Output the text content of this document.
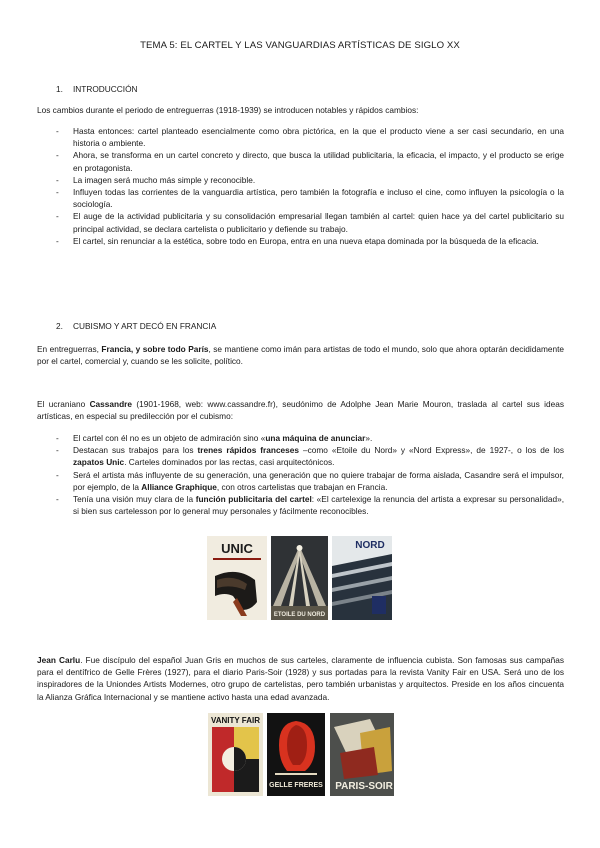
TEMA 5: EL CARTEL Y LAS VANGUARDIAS ARTÍSTICAS DE SIGLO XX
1. INTRODUCCIÓN
Los cambios durante el periodo de entreguerras (1918-1939) se introducen notables y rápidos cambios:
- Hasta entonces: cartel planteado esencialmente como obra pictórica, en la que el producto viene a ser casi secundario, en una historia o ambiente.
- Ahora, se transforma en un cartel concreto y directo, que busca la utilidad publicitaria, la eficacia, el impacto, y el producto se erige en protagonista.
- La imagen será mucho más simple y reconocible.
- Influyen todas las corrientes de la vanguardia artística, pero también la fotografía e incluso el cine, como influyen la psicología o la sociología.
- El auge de la actividad publicitaria y su consolidación empresarial llegan también al cartel: quien hace ya del cartel publicitario su principal actividad, se declara cartelista o publicitario y defiende su trabajo.
- El cartel, sin renunciar a la estética, sobre todo en Europa, entra en una nueva etapa dominada por la búsqueda de la eficacia.
2. CUBISMO Y ART DECÓ EN FRANCIA
En entreguerras, Francia, y sobre todo París, se mantiene como imán para artistas de todo el mundo, solo que ahora optarán decididamente por el cartel, comercial y, cuando se les solicite, político.
El ucraniano Cassandre (1901-1968, web: www.cassandre.fr), seudónimo de Adolphe Jean Marie Mouron, traslada al cartel sus ideas artísticas, en especial su predilección por el cubismo:
- El cartel con él no es un objeto de admiración sino «una máquina de anunciar».
- Destacan sus trabajos para los trenes rápidos franceses –como «Etoile du Nord» y «Nord Express», de 1927-, o los de los zapatos Unic. Carteles dominados por las rectas, casi arquitectónicos.
- Será el artista más influyente de su generación, una generación que no quiere trabajar de forma aislada, Casandre será el impulsor, por ejemplo, de la Alliance Graphique, con otros cartelistas que trabajan en Francia.
- Tenía una visión muy clara de la función publicitaria del cartel: «El cartelexige la renuncia del artista a expresar su personalidad», si bien sus cartelesson por lo general muy personales y fácilmente reconocibles.
UNIC
ETOILE DU NORD
NORD
Jean Carlu. Fue discípulo del español Juan Gris en muchos de sus carteles, claramente de influencia cubista. Son famosas sus campañas para el dentífrico de Gelle Frères (1927), para el diario Paris-Soir (1928) y sus portadas para la revista Vanity Fair en USA. Será uno de los inspiradores de la Uniondes Artists Modernes, otro grupo de cartelistas, pero también urbanistas y arquitectos. Preside en los años cincuenta la Alianza Gráfica Internacional y se mantiene activo hasta una edad avanzada.
VANITY FAIR
GELLE FRERES PARIS-SOIR
